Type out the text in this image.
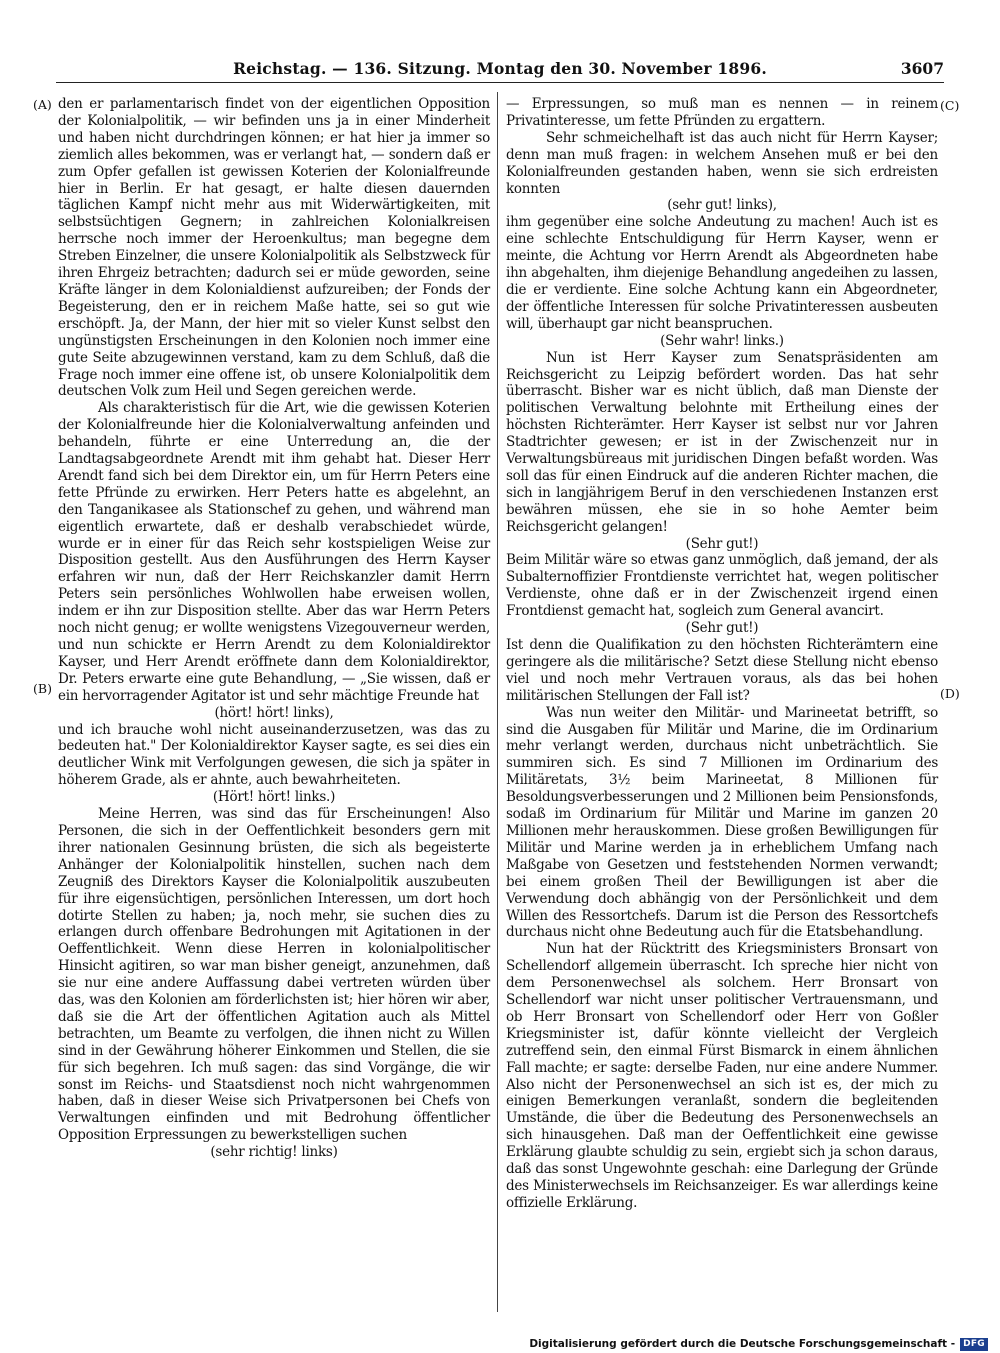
Reichstag. — 136. Sitzung. Montag den 30. November 1896.	3607
(A)
(B)
(C)
(D)

den er parlamentarisch findet von der eigentlichen Opposition der Kolonialpolitik, — wir befinden uns ja in einer Minderheit und haben nicht durchdringen können; er hat hier ja immer so ziemlich alles bekommen, was er verlangt hat, — sondern daß er zum Opfer gefallen ist gewissen Koterien der Kolonialfreunde hier in Berlin. Er hat gesagt, er halte diesen dauernden täglichen Kampf nicht mehr aus mit Widerwärtigkeiten, mit selbstsüchtigen Gegnern; in zahlreichen Kolonialkreisen herrsche noch immer der Heroenkultus; man begegne dem Streben Einzelner, die unsere Kolonialpolitik als Selbstzweck für ihren Ehrgeiz betrachten; dadurch sei er müde geworden, seine Kräfte länger in dem Kolonialdienst aufzureiben; der Fonds der Begeisterung, den er in reichem Maße hatte, sei so gut wie erschöpft. Ja, der Mann, der hier mit so vieler Kunst selbst den ungünstigsten Erscheinungen in den Kolonien noch immer eine gute Seite abzugewinnen verstand, kam zu dem Schluß, daß die Frage noch immer eine offene ist, ob unsere Kolonialpolitik dem deutschen Volk zum Heil und Segen gereichen werde.

Als charakteristisch für die Art, wie die gewissen Koterien der Kolonialfreunde hier die Kolonialverwaltung anfeinden und behandeln, führte er eine Unterredung an, die der Landtagsabgeordnete Arendt mit ihm gehabt hat. Dieser Herr Arendt fand sich bei dem Direktor ein, um für Herrn Peters eine fette Pfründe zu erwirken. Herr Peters hatte es abgelehnt, an den Tanganikasee als Stationschef zu gehen, und während man eigentlich erwartete, daß er deshalb verabschiedet würde, wurde er in einer für das Reich sehr kostspieligen Weise zur Disposition gestellt. Aus den Ausführungen des Herrn Kayser erfahren wir nun, daß der Herr Reichskanzler damit Herrn Peters sein persönliches Wohlwollen habe erweisen wollen, indem er ihn zur Disposition stellte. Aber das war Herrn Peters noch nicht genug; er wollte wenigstens Vizegouverneur werden, und nun schickte er Herrn Arendt zu dem Kolonialdirektor Kayser, und Herr Arendt eröffnete dann dem Kolonialdirektor, Dr. Peters erwarte eine gute Behandlung, — „Sie wissen, daß er ein hervorragender Agitator ist und sehr mächtige Freunde hat

(hört! hört! links),

und ich brauche wohl nicht auseinanderzusetzen, was das zu bedeuten hat." Der Kolonialdirektor Kayser sagte, es sei dies ein deutlicher Wink mit Verfolgungen gewesen, die sich ja später in höherem Grade, als er ahnte, auch bewahrheiteten.

(Hört! hört! links.)

Meine Herren, was sind das für Erscheinungen! Also Personen, die sich in der Oeffentlichkeit besonders gern mit ihrer nationalen Gesinnung brüsten, die sich als begeisterte Anhänger der Kolonialpolitik hinstellen, suchen nach dem Zeugniß des Direktors Kayser die Kolonialpolitik auszubeuten für ihre eigensüchtigen, persönlichen Interessen, um dort hoch dotirte Stellen zu haben; ja, noch mehr, sie suchen dies zu erlangen durch offenbare Bedrohungen mit Agitationen in der Oeffentlichkeit. Wenn diese Herren in kolonialpolitischer Hinsicht agitiren, so war man bisher geneigt, anzunehmen, daß sie nur eine andere Auffassung dabei vertreten würden über das, was den Kolonien am förderlichsten ist; hier hören wir aber, daß sie die Art der öffentlichen Agitation auch als Mittel betrachten, um Beamte zu verfolgen, die ihnen nicht zu Willen sind in der Gewährung höherer Einkommen und Stellen, die sie für sich begehren. Ich muß sagen: das sind Vorgänge, die wir sonst im Reichs- und Staatsdienst noch nicht wahrgenommen haben, daß in dieser Weise sich Privatpersonen bei Chefs von Verwaltungen einfinden und mit Bedrohung öffentlicher Opposition Erpressungen zu bewerkstelligen suchen

(sehr richtig! links)

— Erpressungen, so muß man es nennen — in reinem Privatinteresse, um fette Pfründen zu ergattern.

Sehr schmeichelhaft ist das auch nicht für Herrn Kayser; denn man muß fragen: in welchem Ansehen muß er bei den Kolonialfreunden gestanden haben, wenn sie sich erdreisten konnten

(sehr gut! links),

ihm gegenüber eine solche Andeutung zu machen! Auch ist es eine schlechte Entschuldigung für Herrn Kayser, wenn er meinte, die Achtung vor Herrn Arendt als Abgeordneten habe ihn abgehalten, ihm diejenige Behandlung angedeihen zu lassen, die er verdiente. Eine solche Achtung kann ein Abgeordneter, der öffentliche Interessen für solche Privatinteressen ausbeuten will, überhaupt gar nicht beanspruchen.

(Sehr wahr! links.)

Nun ist Herr Kayser zum Senatspräsidenten am Reichsgericht zu Leipzig befördert worden. Das hat sehr überrascht. Bisher war es nicht üblich, daß man Dienste der politischen Verwaltung belohnte mit Ertheilung eines der höchsten Richterämter. Herr Kayser ist selbst nur vor Jahren Stadtrichter gewesen; er ist in der Zwischenzeit nur in Verwaltungsbüreaus mit juridischen Dingen befaßt worden. Was soll das für einen Eindruck auf die anderen Richter machen, die sich in langjährigem Beruf in den verschiedenen Instanzen erst bewähren müssen, ehe sie in so hohe Aemter beim Reichsgericht gelangen!

(Sehr gut!)

Beim Militär wäre so etwas ganz unmöglich, daß jemand, der als Subalternoffizier Frontdienste verrichtet hat, wegen politischer Verdienste, ohne daß er in der Zwischenzeit irgend einen Frontdienst gemacht hat, sogleich zum General avancirt.

(Sehr gut!)

Ist denn die Qualifikation zu den höchsten Richterämtern eine geringere als die militärische? Setzt diese Stellung nicht ebenso viel und noch mehr Vertrauen voraus, als das bei hohen militärischen Stellungen der Fall ist?

Was nun weiter den Militär- und Marineetat betrifft, so sind die Ausgaben für Militär und Marine, die im Ordinarium mehr verlangt werden, durchaus nicht unbeträchtlich. Sie summiren sich. Es sind 7 Millionen im Ordinarium des Militäretats, 3½ beim Marineetat, 8 Millionen für Besoldungsverbesserungen und 2 Millionen beim Pensionsfonds, sodaß im Ordinarium für Militär und Marine im ganzen 20 Millionen mehr herauskommen. Diese großen Bewilligungen für Militär und Marine werden ja in erheblichem Umfang nach Maßgabe von Gesetzen und feststehenden Normen verwandt; bei einem großen Theil der Bewilligungen ist aber die Verwendung doch abhängig von der Persönlichkeit und dem Willen des Ressortchefs. Darum ist die Person des Ressortchefs durchaus nicht ohne Bedeutung auch für die Etatsbehandlung.

Nun hat der Rücktritt des Kriegsministers Bronsart von Schellendorf allgemein überrascht. Ich spreche hier nicht von dem Personenwechsel als solchem. Herr Bronsart von Schellendorf war nicht unser politischer Vertrauensmann, und ob Herr Bronsart von Schellendorf oder Herr von Goßler Kriegsminister ist, dafür könnte vielleicht der Vergleich zutreffend sein, den einmal Fürst Bismarck in einem ähnlichen Fall machte; er sagte: derselbe Faden, nur eine andere Nummer. Also nicht der Personenwechsel an sich ist es, der mich zu einigen Bemerkungen veranlaßt, sondern die begleitenden Umstände, die über die Bedeutung des Personenwechsels an sich hinausgehen. Daß man der Oeffentlichkeit eine gewisse Erklärung glaubte schuldig zu sein, ergiebt sich ja schon daraus, daß das sonst Ungewohnte geschah: eine Darlegung der Gründe des Ministerwechsels im Reichsanzeiger. Es war allerdings keine offizielle Erklärung.

Digitalisierung gefördert durch die Deutsche Forschungsgemeinschaft - DFG
